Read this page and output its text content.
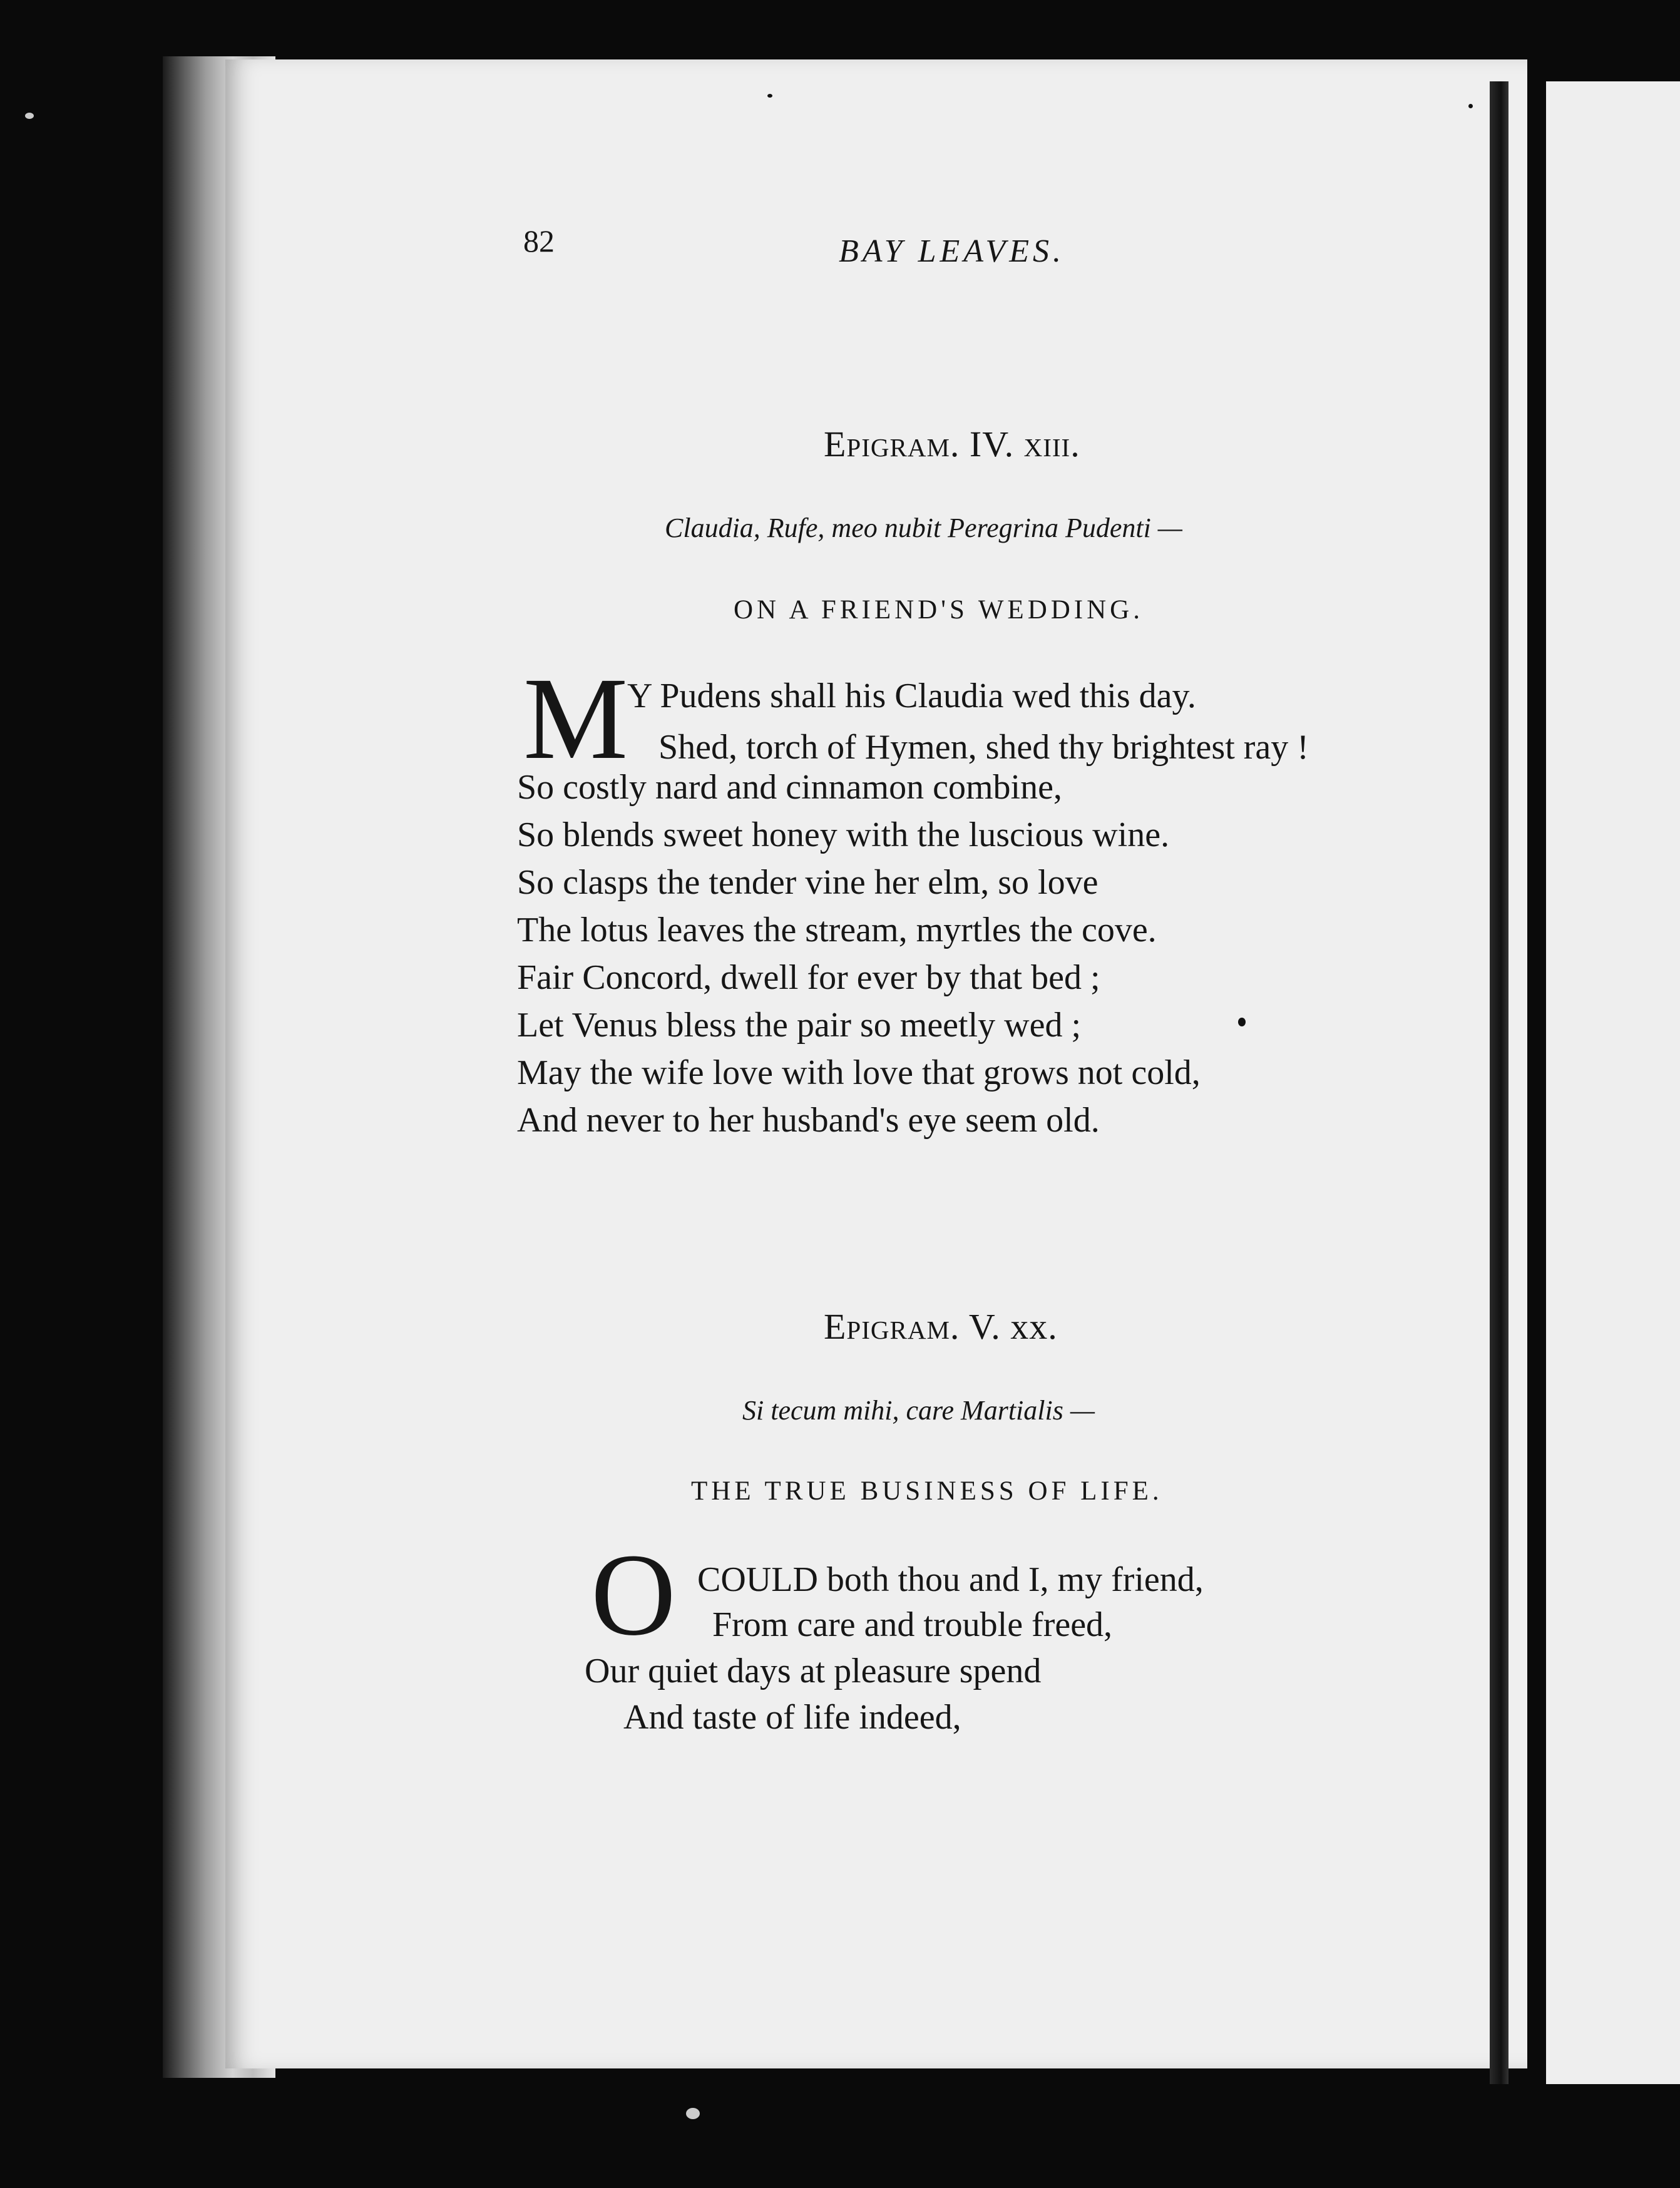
82	BAY LEAVES.
Epigram. IV. xiii.
Claudia, Rufe, meo nubit Peregrina Pudenti —
ON A FRIEND'S WEDDING.
M
Y Pudens shall his Claudia wed this day.
Shed, torch of Hymen, shed thy brightest ray !
So costly nard and cinnamon combine,
So blends sweet honey with the luscious wine.
So clasps the tender vine her elm, so love
The lotus leaves the stream, myrtles the cove.
Fair Concord, dwell for ever by that bed ;
Let Venus bless the pair so meetly wed ;
May the wife love with love that grows not cold,
And never to her husband's eye seem old.
Epigram. V. xx.
Si tecum mihi, care Martialis —
THE TRUE BUSINESS OF LIFE.
O COULD both thou and I, my friend,
From care and trouble freed,
Our quiet days at pleasure spend
And taste of life indeed,
